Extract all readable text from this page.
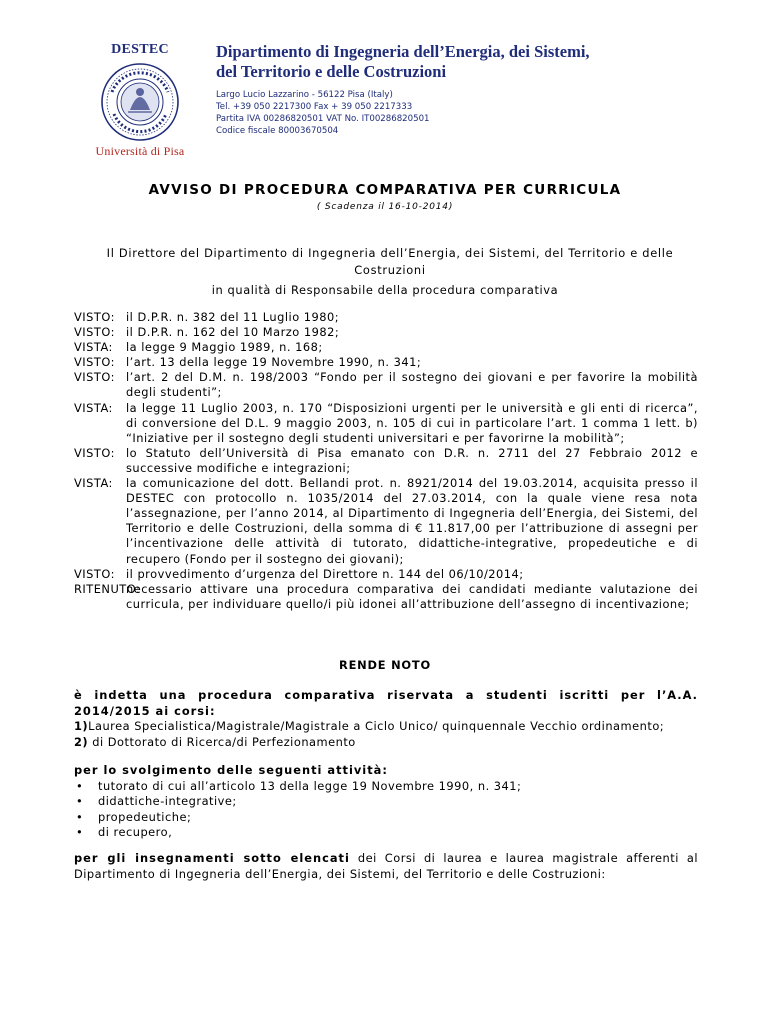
DESTEC
Università di Pisa
Dipartimento di Ingegneria dell’Energia, dei Sistemi,
del Territorio e delle Costruzioni
Largo Lucio Lazzarino - 56122 Pisa (Italy)
Tel. +39 050 2217300 Fax + 39 050 2217333
Partita IVA 00286820501 VAT No. IT00286820501
Codice fiscale 80003670504
AVVISO DI PROCEDURA COMPARATIVA PER CURRICULA
( Scadenza il 16-10-2014)
Il Direttore del Dipartimento di Ingegneria dell’Energia, dei Sistemi, del Territorio e delle
Costruzioni
in qualità di Responsabile della procedura comparativa
VISTO: il D.P.R. n. 382 del 11 Luglio 1980;
VISTO: il D.P.R. n. 162 del 10 Marzo 1982;
VISTA:	la legge 9 Maggio 1989, n. 168;
VISTO: l’art. 13 della legge 19 Novembre 1990, n. 341;
VISTO: l’art. 2 del D.M. n. 198/2003 “Fondo per il sostegno dei giovani e per favorire la mobilità degli studenti”;
VISTA:	la legge 11 Luglio 2003, n. 170 “Disposizioni urgenti per le università e gli enti di ricerca”, di conversione del D.L. 9 maggio 2003, n. 105 di cui in particolare l’art. 1 comma 1 lett. b) “Iniziative per il sostegno degli studenti universitari e per favorirne la mobilità”;
VISTO: lo Statuto dell’Università di Pisa emanato con D.R. n. 2711 del 27 Febbraio 2012 e successive modifiche e integrazioni;
VISTA:	la comunicazione del dott. Bellandi prot. n. 8921/2014 del 19.03.2014, acquisita presso il DESTEC con protocollo n. 1035/2014 del 27.03.2014, con la quale viene resa nota l’assegnazione, per l’anno 2014, al Dipartimento di Ingegneria dell’Energia, dei Sistemi, del Territorio e delle Costruzioni, della somma di € 11.817,00 per l’attribuzione di assegni per l’incentivazione delle attività di tutorato, didattiche-integrative, propedeutiche e di recupero (Fondo per il sostegno dei giovani);
VISTO: il provvedimento d’urgenza del Direttore n. 144 del 06/10/2014;
RITENUTO:
necessario attivare una procedura comparativa dei candidati mediante valutazione dei curricula, per individuare quello/i più idonei all’attribuzione dell’assegno di incentivazione;
RENDE NOTO
è indetta una procedura comparativa riservata a studenti iscritti per l’A.A.
2014/2015 ai corsi:
1)Laurea Specialistica/Magistrale/Magistrale a Ciclo Unico/ quinquennale Vecchio ordinamento;
2) di Dottorato di Ricerca/di Perfezionamento
per lo svolgimento delle seguenti attività:
• tutorato di cui all’articolo 13 della legge 19 Novembre 1990, n. 341;
• didattiche-integrative;
• propedeutiche;
• di recupero,
per gli insegnamenti sotto elencati dei Corsi di laurea e laurea magistrale afferenti al Dipartimento di Ingegneria dell’Energia, dei Sistemi, del Territorio e delle Costruzioni:
